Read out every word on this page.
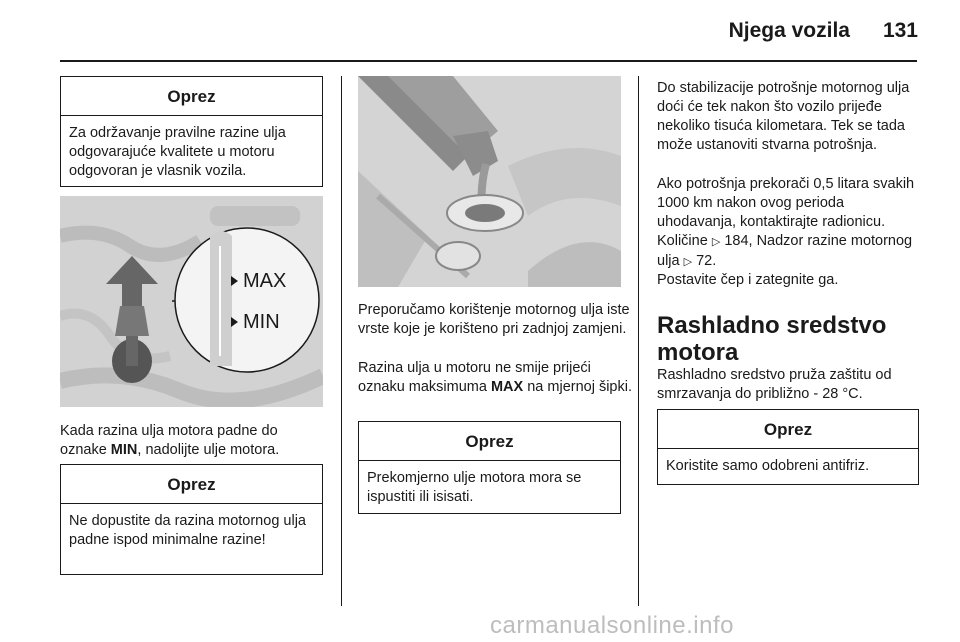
Njega vozila 131
Oprez
Za održavanje pravilne razine ulja odgovarajuće kvalitete u motoru odgovoran je vlasnik vozila.
MAX
MIN
Kada razina ulja motora padne do oznake MIN, nadolijte ulje motora.
Oprez
Ne dopustite da razina motornog ulja padne ispod minimalne razine!
Preporučamo korištenje motornog ulja iste vrste koje je korišteno pri zadnjoj zamjeni.
Razina ulja u motoru ne smije prijeći oznaku maksimuma MAX na mjernoj šipki.
Oprez
Prekomjerno ulje motora mora se ispustiti ili isisati.
Do stabilizacije potrošnje motornog ulja doći će tek nakon što vozilo prijeđe nekoliko tisuća kilometara. Tek se tada može ustanoviti stvarna potrošnja.
Ako potrošnja prekorači 0,5 litara svakih 1000 km nakon ovog perioda uhodavanja, kontaktirajte radionicu.
Količine ▷ 184, Nadzor razine motornog ulja ▷ 72.
Postavite čep i zategnite ga.
Rashladno sredstvo motora
Rashladno sredstvo pruža zaštitu od smrzavanja do približno - 28 °C.
Oprez
Koristite samo odobreni antifriz.
carmanualsonline.info
